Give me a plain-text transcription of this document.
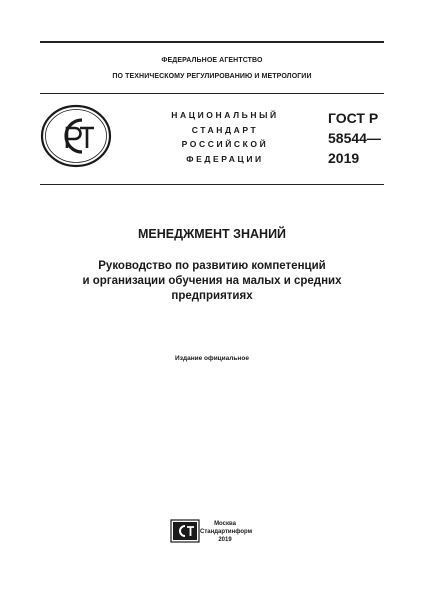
ФЕДЕРАЛЬНОЕ АГЕНТСТВО
ПО ТЕХНИЧЕСКОМУ РЕГУЛИРОВАНИЮ И МЕТРОЛОГИИ
НАЦИОНАЛЬНЫЙ
СТАНДАРТ
РОССИЙСКОЙ
ФЕДЕРАЦИИ
ГОСТ Р
58544—
2019
МЕНЕДЖМЕНТ ЗНАНИЙ
Руководство по развитию компетенций
и организации обучения на малых и средних
предприятиях
Издание официальное
Москва
Стандартинформ
2019
